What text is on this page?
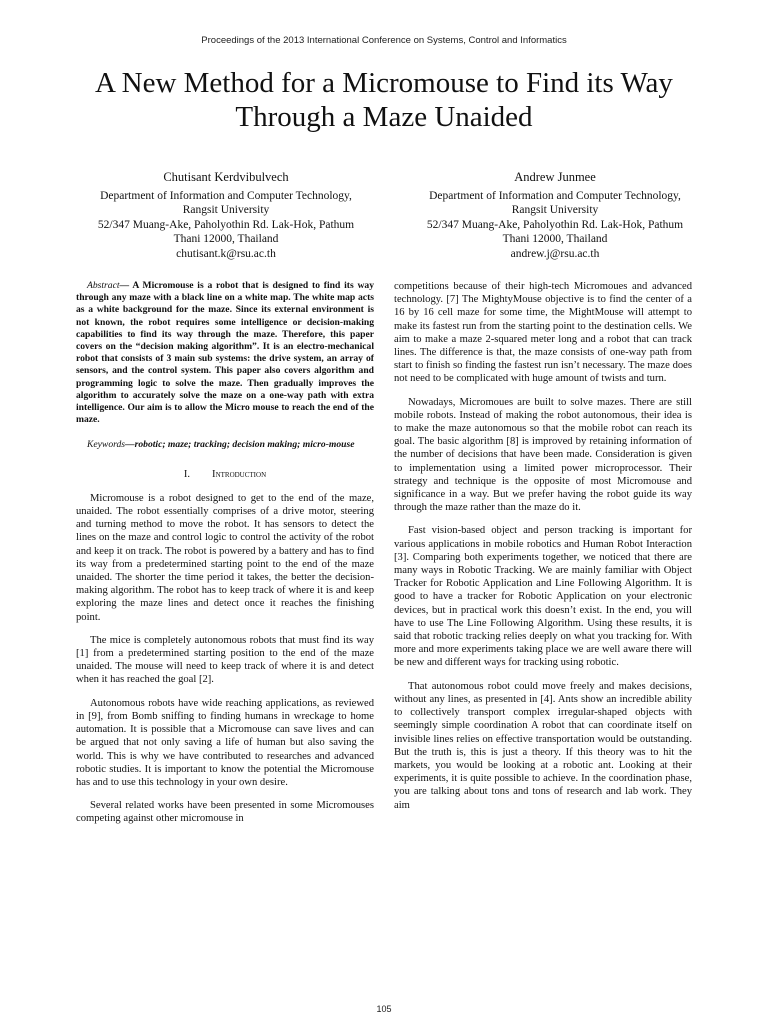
Proceedings of the 2013 International Conference on Systems, Control and Informatics
A New Method for a Micromouse to Find its Way
Through a Maze Unaided
Chutisant Kerdvibulvech
Department of Information and Computer Technology,
Rangsit University
52/347 Muang-Ake, Paholyothin Rd. Lak-Hok, Pathum
Thani 12000, Thailand
chutisant.k@rsu.ac.th
Andrew Junmee
Department of Information and Computer Technology,
Rangsit University
52/347 Muang-Ake, Paholyothin Rd. Lak-Hok, Pathum
Thani 12000, Thailand
andrew.j@rsu.ac.th

Abstract— A Micromouse is a robot that is designed to find its way through any maze with a black line on a white map. The white map acts as a white background for the maze. Since its external environment is not known, the robot requires some intelligence or decision-making capabilities to find its way through the maze. Therefore, this paper covers on the “decision making algorithm”. It is an electro-mechanical robot that consists of 3 main sub systems: the drive system, an array of sensors, and the control system. This paper also covers algorithm and programming logic to solve the maze. Then gradually improves the algorithm to accurately solve the maze on a one-way path with extra intelligence. Our aim is to allow the Micro mouse to reach the end of the maze.

Keywords—robotic; maze; tracking; decision making; micro-mouse

I. Introduction

Micromouse is a robot designed to get to the end of the maze, unaided. The robot essentially comprises of a drive motor, steering and turning method to move the robot. It has sensors to detect the lines on the maze and control logic to control the activity of the robot and keep it on track. The robot is powered by a battery and has to find its way from a predetermined starting point to the end of the maze unaided. The shorter the time period it takes, the better the decision-making algorithm. The robot has to keep track of where it is and keep exploring the maze lines and detect once it reaches the finishing point.

The mice is completely autonomous robots that must find its way [1] from a predetermined starting position to the end of the maze unaided. The mouse will need to keep track of where it is and detect when it has reached the goal [2].

Autonomous robots have wide reaching applications, as reviewed in [9], from Bomb sniffing to finding humans in wreckage to home automation. It is possible that a Micromouse can save lives and can be argued that not only saving a life of human but also saving the world. This is why we have contributed to researches and advanced robotic studies. It is important to know the potential the Micromouse has and to use this technology in your own desire.

Several related works have been presented in some Micromouses competing against other micromouse in

competitions because of their high-tech Micromoues and advanced technology. [7] The MightyMouse objective is to find the center of a 16 by 16 cell maze for some time, the MightMouse will attempt to make its fastest run from the starting point to the destination cells. We aim to make a maze 2-squared meter long and a robot that can track lines. The difference is that, the maze consists of one-way path from start to finish so finding the fastest run isn’t necessary. The maze does not need to be complicated with huge amount of twists and turn.

Nowadays, Micromoues are built to solve mazes. There are still mobile robots. Instead of making the robot autonomous, their idea is to make the maze autonomous so that the mobile robot can reach its goal. The basic algorithm [8] is improved by retaining information of the number of decisions that have been made. Consideration is given to implementation using a limited power microprocessor. Their strategy and technique is the opposite of most Micromouse and significance in a way. But we prefer having the robot guide its way through the maze rather than the maze do it.

Fast vision-based object and person tracking is important for various applications in mobile robotics and Human Robot Interaction [3]. Comparing both experiments together, we noticed that there are many ways in Robotic Tracking. We are mainly familiar with Object Tracker for Robotic Application and Line Following Algorithm. It is good to have a tracker for Robotic Application on your electronic devices, but in practical work this doesn’t exist. In the end, you will have to use The Line Following Algorithm. Using these results, it is said that robotic tracking relies deeply on what you tracking for. With more and more experiments taking place we are well aware there will be new and different ways for tracking using robotic.

That autonomous robot could move freely and makes decisions, without any lines, as presented in [4]. Ants show an incredible ability to collectively transport complex irregular-shaped objects with seemingly simple coordination A robot that can coordinate itself on invisible lines relies on effective transportation would be outstanding. But the truth is, this is just a theory. If this theory was to hit the markets, you would be looking at a robotic ant. Looking at their experiments, it is quite possible to achieve. In the coordination phase, you are talking about tons and tons of research and lab work. They aim

105
